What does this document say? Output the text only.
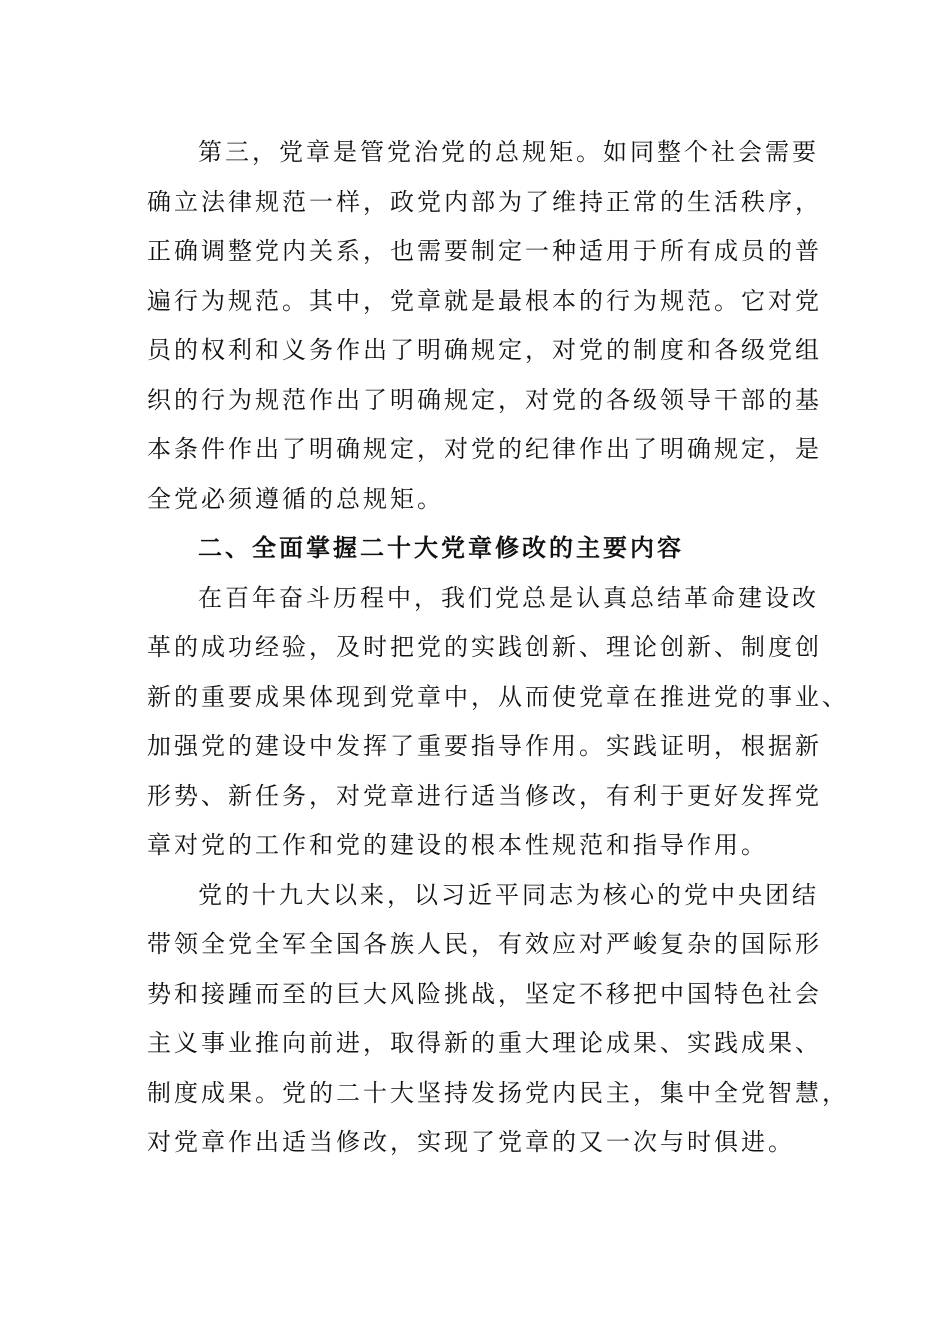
第三，党章是管党治党的总规矩。如同整个社会需要
确立法律规范一样，政党内部为了维持正常的生活秩序，
正确调整党内关系，也需要制定一种适用于所有成员的普
遍行为规范。其中，党章就是最根本的行为规范。它对党
员的权利和义务作出了明确规定，对党的制度和各级党组
织的行为规范作出了明确规定，对党的各级领导干部的基
本条件作出了明确规定，对党的纪律作出了明确规定，是
全党必须遵循的总规矩。
二、全面掌握二十大党章修改的主要内容
在百年奋斗历程中，我们党总是认真总结革命建设改
革的成功经验，及时把党的实践创新、理论创新、制度创
新的重要成果体现到党章中，从而使党章在推进党的事业、
加强党的建设中发挥了重要指导作用。实践证明，根据新
形势、新任务，对党章进行适当修改，有利于更好发挥党
章对党的工作和党的建设的根本性规范和指导作用。
党的十九大以来，以习近平同志为核心的党中央团结
带领全党全军全国各族人民，有效应对严峻复杂的国际形
势和接踵而至的巨大风险挑战，坚定不移把中国特色社会
主义事业推向前进，取得新的重大理论成果、实践成果、
制度成果。党的二十大坚持发扬党内民主，集中全党智慧，
对党章作出适当修改，实现了党章的又一次与时俱进。
